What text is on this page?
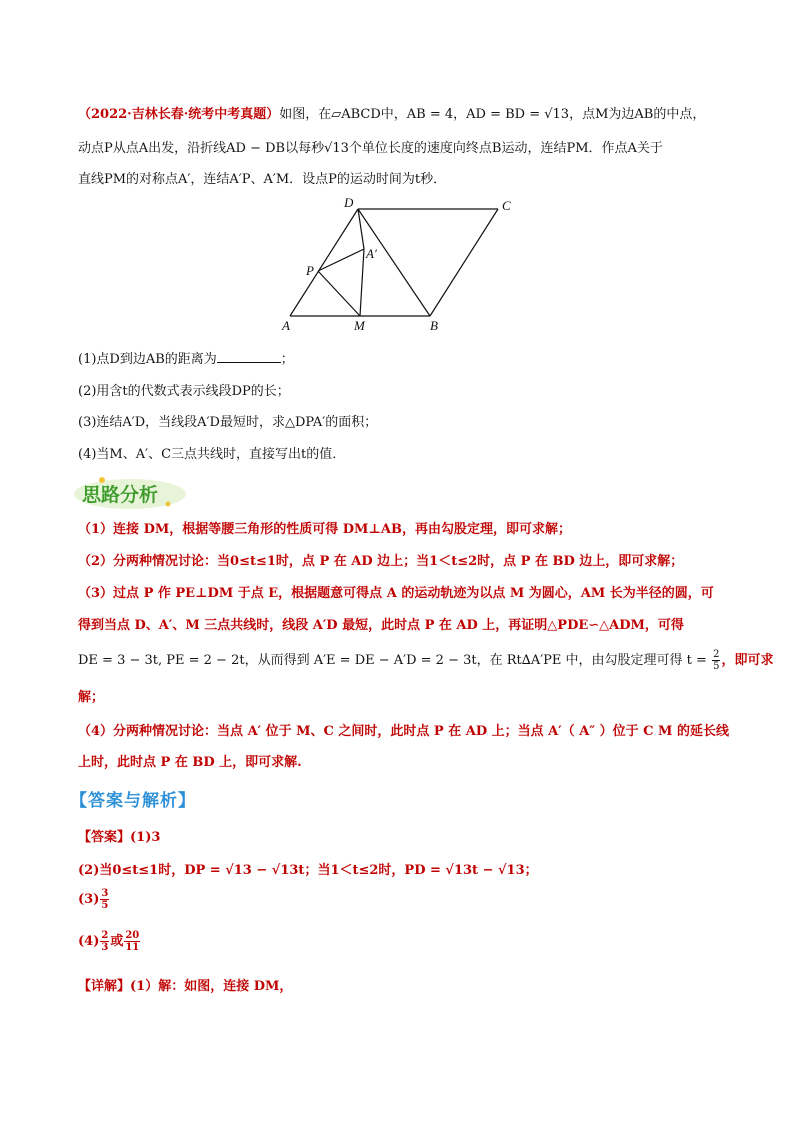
（2022·吉林长春·统考中考真题）如图，在▱ABCD中，AB = 4，AD = BD = √13，点M为边AB的中点，
动点P从点A出发，沿折线AD − DB以每秒√13个单位长度的速度向终点B运动，连结PM．作点A关于
直线PM的对称点A′，连结A′P、A′M．设点P的运动时间为t秒．
D	C
A′
P
A	M	B
(1)点D到边AB的距离为	；
(2)用含t的代数式表示线段DP的长；
(3)连结A′D，当线段A′D最短时，求△DPA′的面积；
(4)当M、A′、C三点共线时，直接写出t的值．
思路分析
（1）连接 DM，根据等腰三角形的性质可得 DM⊥AB，再由勾股定理，即可求解；
（2）分两种情况讨论：当0≤t≤1时，点 P 在 AD 边上；当1＜t≤2时，点 P 在 BD 边上，即可求解；
（3）过点 P 作 PE⊥DM 于点 E，根据题意可得点 A 的运动轨迹为以点 M 为圆心，AM 长为半径的圆，可
得到当点 D、A′、M 三点共线时，线段 A′D 最短，此时点 P 在 AD 上，再证明△PDE∽△ADM，可得
DE = 3 − 3t, PE = 2 − 2t，从而得到 A′E = DE − A′D = 2 − 3t，在 Rt∆A′PE 中，由勾股定理可得 $t = \frac{2}{5}$ ，即可求
解；
（4）分两种情况讨论：当点 A′ 位于 M、C 之间时，此时点 P 在 AD 上；当点 A′（ A″ ）位于 C M 的延长线
上时，此时点 P 在 BD 上，即可求解.
【答案与解析】
【答案】(1)3
(2)当0≤t≤1时，DP = √13 − √13t；当1＜t≤2时，PD = √13t − √13；
$(3) \frac{3}{5}$
$(4) \frac{2}{3}$ 或 $\frac{20}{11}$
【详解】(1）解：如图，连接 DM，
